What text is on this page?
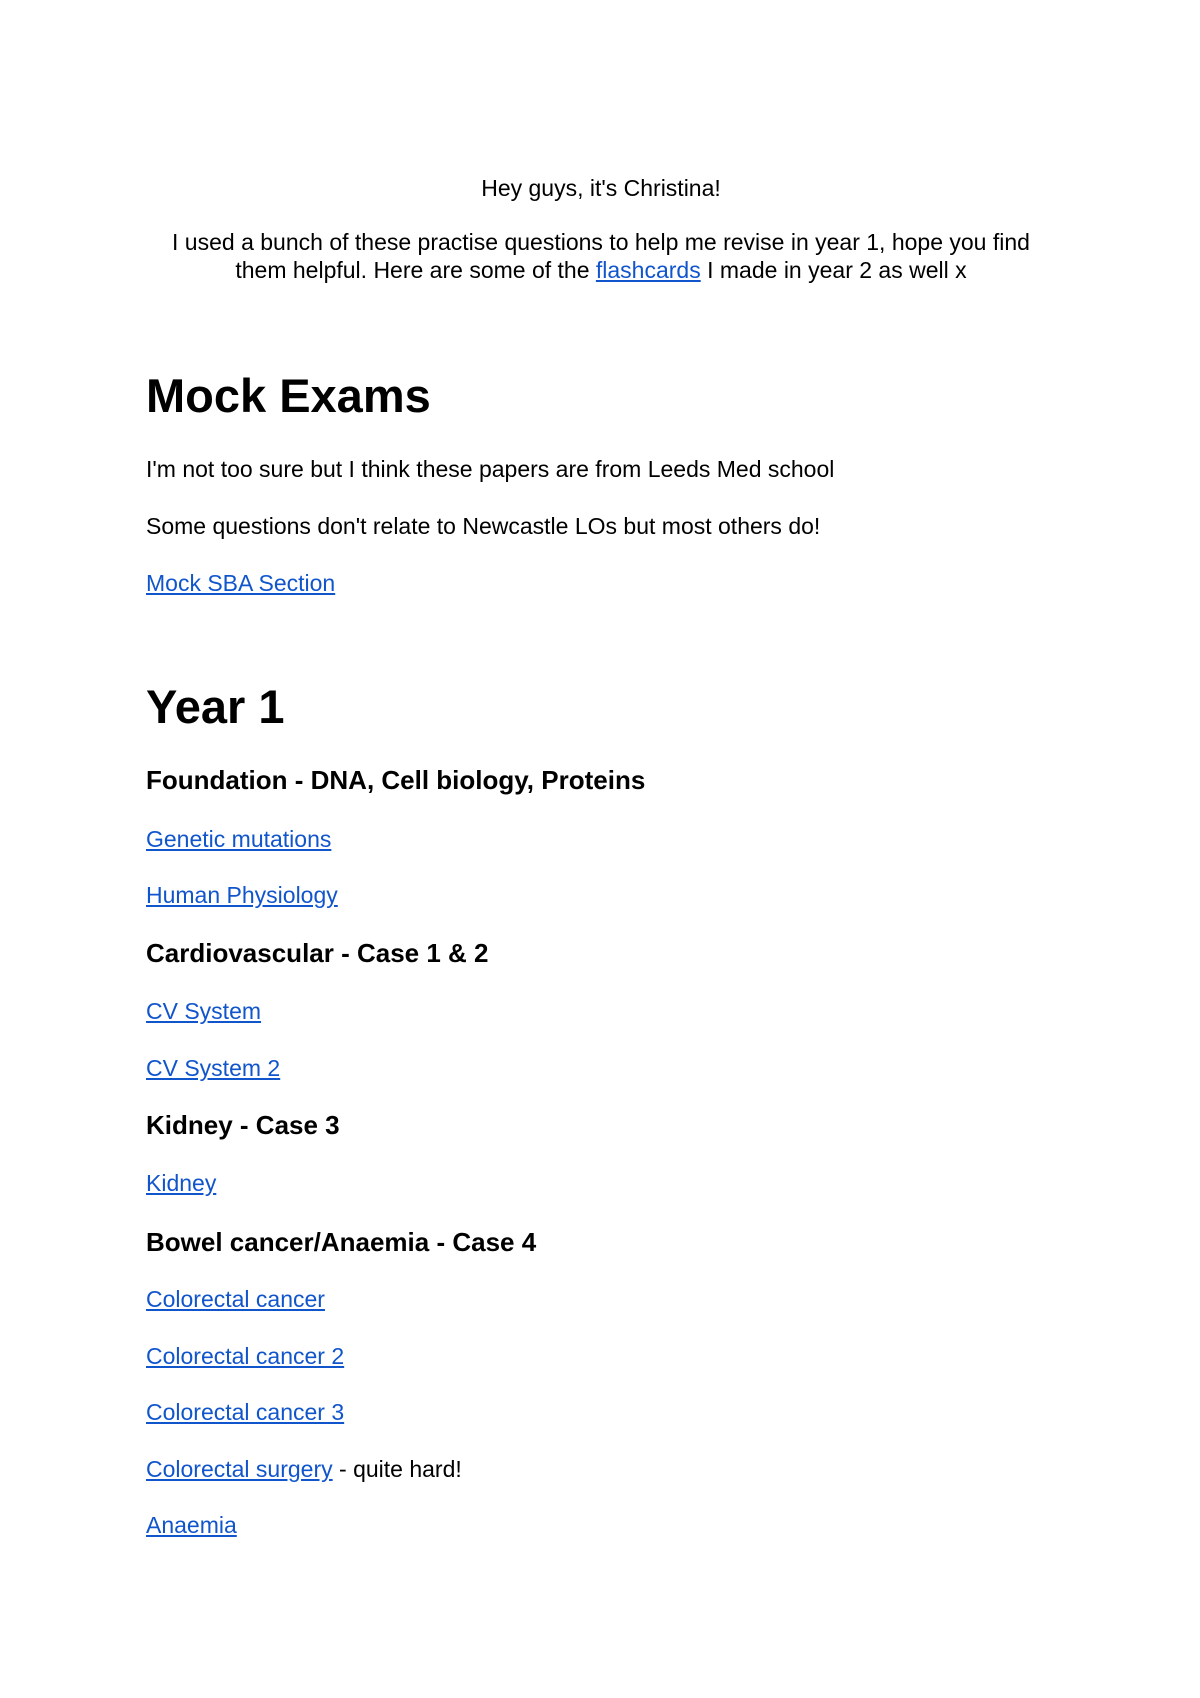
Hey guys, it's Christina!

I used a bunch of these practise questions to help me revise in year 1, hope you find them helpful. Here are some of the flashcards I made in year 2 as well x

Mock Exams

I'm not too sure but I think these papers are from Leeds Med school

Some questions don't relate to Newcastle LOs but most others do!

Mock SBA Section
Year 1
Foundation - DNA, Cell biology, Proteins
Genetic mutations
Human Physiology
Cardiovascular - Case 1 & 2
CV System
CV System 2
Kidney - Case 3
Kidney
Bowel cancer/Anaemia - Case 4
Colorectal cancer
Colorectal cancer 2
Colorectal cancer 3

Colorectal surgery - quite hard!

Anaemia
